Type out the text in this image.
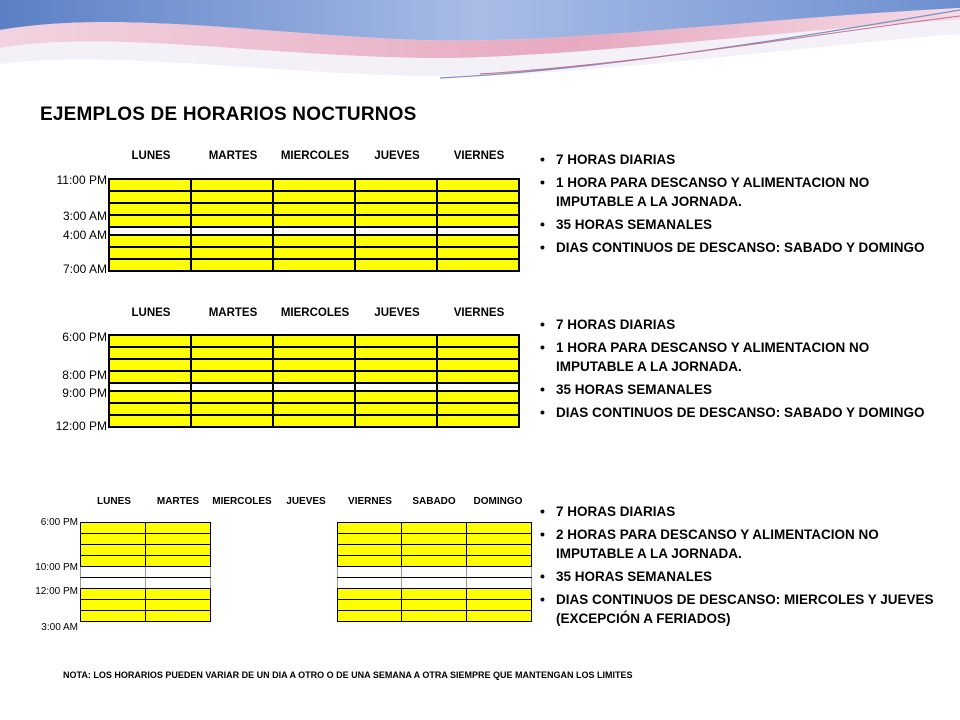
EJEMPLOS DE HORARIOS NOCTURNOS
LUNES	MARTES	MIERCOLES	JUEVES	VIERNES
11:00 PM
3:00 AM
4:00 AM
7:00 AM

• 7 HORAS DIARIAS
• 1 HORA PARA DESCANSO Y ALIMENTACION NO IMPUTABLE A LA JORNADA.
• 35 HORAS SEMANALES
• DIAS CONTINUOS DE DESCANSO: SABADO Y DOMINGO
LUNES	MARTES	MIERCOLES	JUEVES	VIERNES
6:00 PM
8:00 PM
9:00 PM
12:00 PM

• 7 HORAS DIARIAS
• 1 HORA PARA DESCANSO Y ALIMENTACION NO IMPUTABLE A LA JORNADA.
• 35 HORAS SEMANALES
• DIAS CONTINUOS DE DESCANSO: SABADO Y DOMINGO
LUNES	MARTES	MIERCOLES	JUEVES	VIERNES	SABADO	DOMINGO
6:00 PM
10:00 PM
12:00 PM
3:00 AM

• 7 HORAS DIARIAS
• 2 HORAS PARA DESCANSO Y ALIMENTACION NO IMPUTABLE A LA JORNADA.
• 35 HORAS SEMANALES
• DIAS CONTINUOS DE DESCANSO: MIERCOLES Y JUEVES (EXCEPCIÓN A FERIADOS)
NOTA: LOS HORARIOS PUEDEN VARIAR DE UN DIA A OTRO O DE UNA SEMANA A OTRA SIEMPRE QUE MANTENGAN LOS LIMITES
